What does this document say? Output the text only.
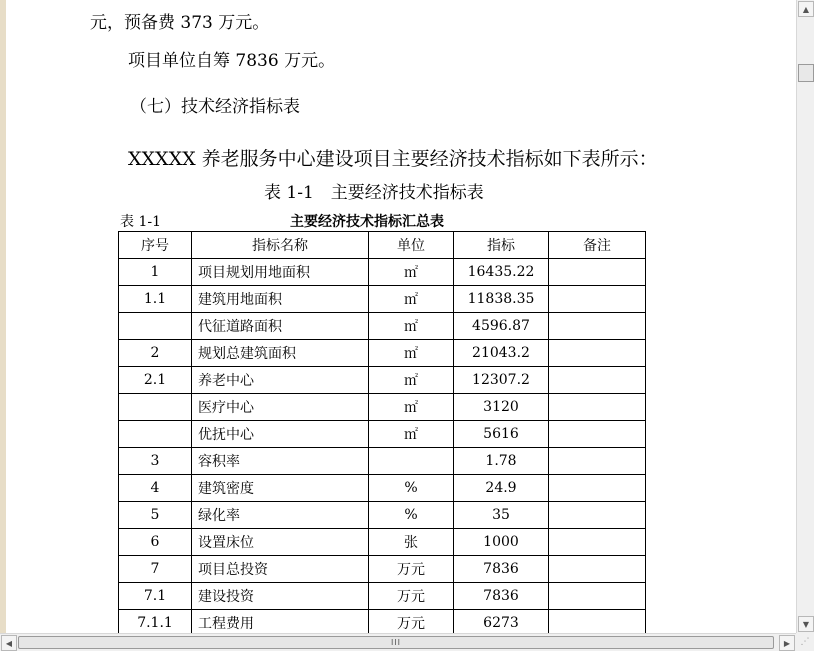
元，预备费 373 万元。
项目单位自筹 7836 万元。
（七）技术经济指标表
XXXXX 养老服务中心建设项目主要经济技术指标如下表所示：
表 1-1　主要经济技术指标表
表 1-1	主要经济技术指标汇总表
序号	指标名称	单位	指标	备注
1	项目规划用地面积	㎡	16435.22	
1.1	建筑用地面积	㎡	11838.35	
	代征道路面积	㎡	4596.87	
2	规划总建筑面积	㎡	21043.2	
2.1	养老中心	㎡	12307.2	
	医疗中心	㎡	3120	
	优抚中心	㎡	5616	
3	容积率		1.78	
4	建筑密度	%	24.9	
5	绿化率	%	35	
6	设置床位	张	1000	
7	项目总投资	万元	7836	
7.1	建设投资	万元	7836	
7.1.1	工程费用	万元	6273	

▲
▼
◀	III	▶	⋰
